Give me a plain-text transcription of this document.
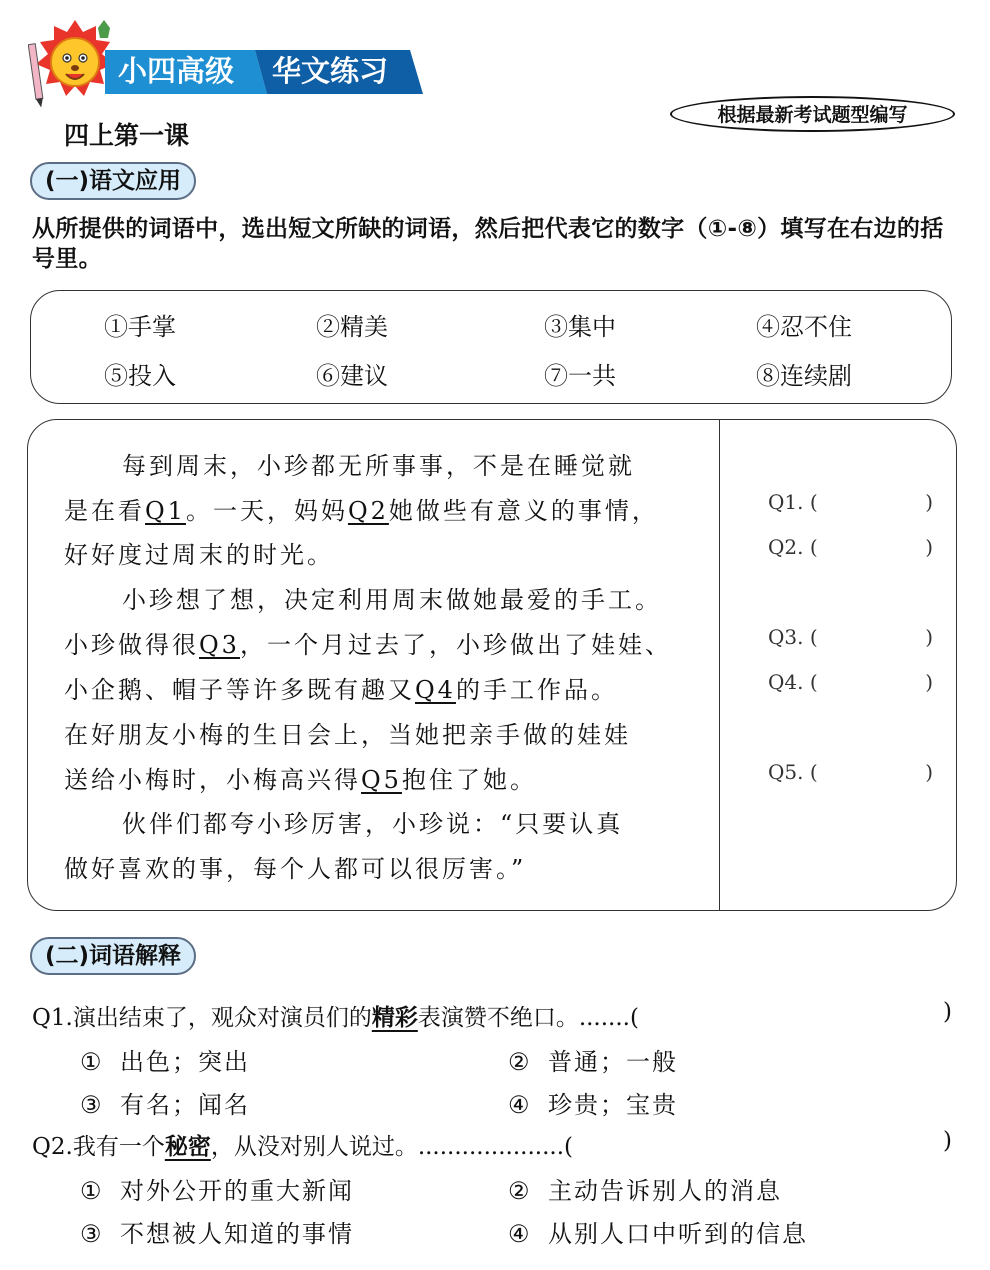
小四高级 华文练习
根据最新考试题型编写
四上第一课
(一)语文应用
从所提供的词语中，选出短文所缺的词语，然后把代表它的数字（①-⑧）填写在右边的括号里。
①手掌	②精美	③集中	④忍不住
⑤投入	⑥建议	⑦一共	⑧连续剧
每到周末，小珍都无所事事，不是在睡觉就
是在看Q1。一天，妈妈Q2她做些有意义的事情，
好好度过周末的时光。
小珍想了想，决定利用周末做她最爱的手工。
小珍做得很Q3，一个月过去了，小珍做出了娃娃、
小企鹅、帽子等许多既有趣又Q4的手工作品。
在好朋友小梅的生日会上，当她把亲手做的娃娃
送给小梅时，小梅高兴得Q5抱住了她。
伙伴们都夸小珍厉害，小珍说：“只要认真
做好喜欢的事，每个人都可以很厉害。”
Q1. (	)
Q2. (	)
Q3. (	)
Q4. (	)
Q5. (	)
(二)词语解释
Q1.演出结束了，观众对演员们的精彩表演赞不绝口。.......(	)
① 出色；突出	② 普通；一般
③ 有名；闻名	④ 珍贵；宝贵
Q2.我有一个秘密，从没对别人说过。....................(	)
① 对外公开的重大新闻	② 主动告诉别人的消息
③ 不想被人知道的事情	④ 从别人口中听到的信息
